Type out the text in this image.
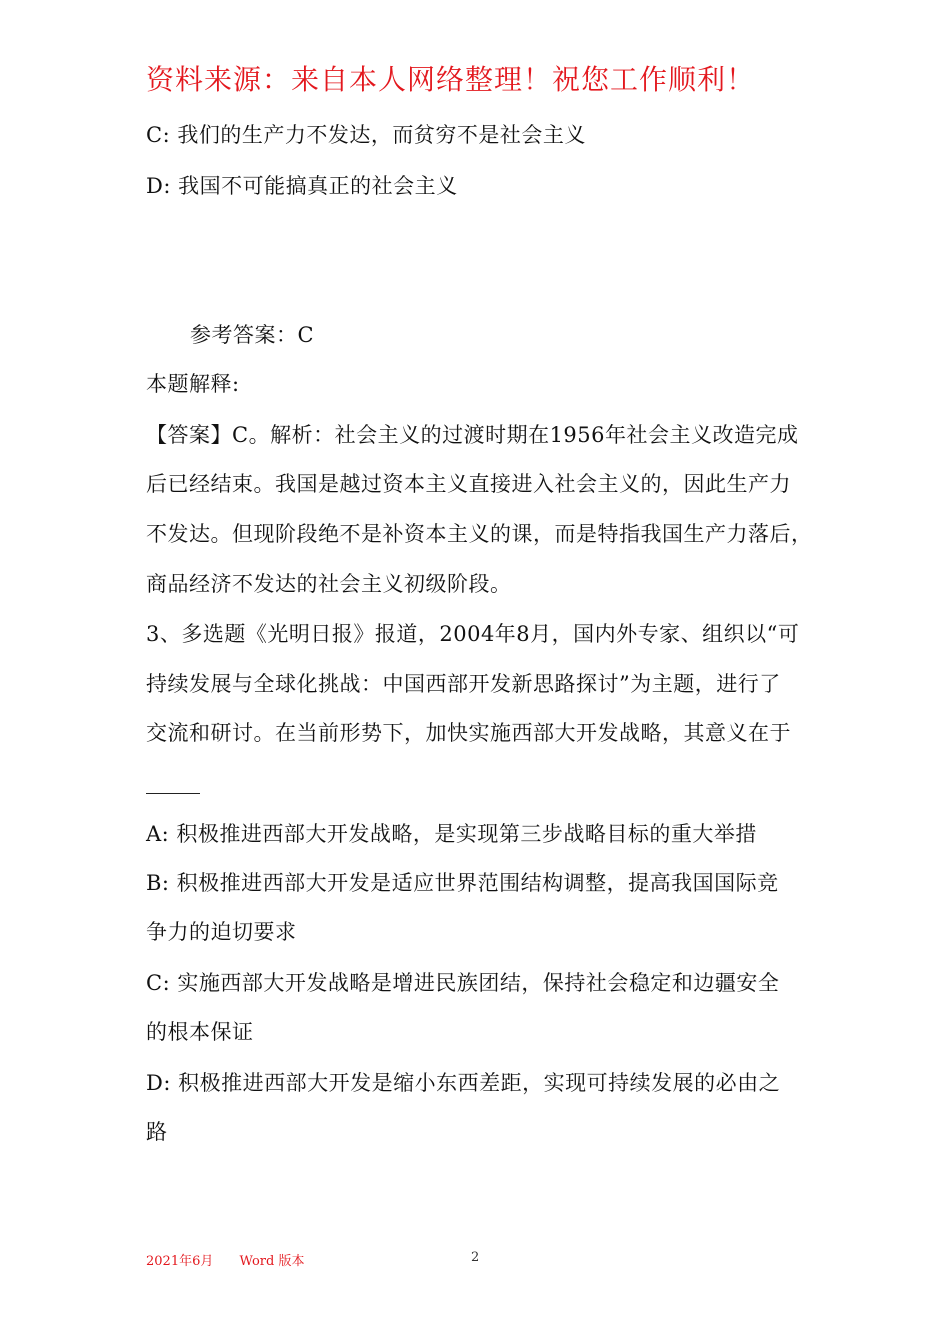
资料来源：来自本人网络整理！祝您工作顺利！
C: 我们的生产力不发达，而贫穷不是社会主义
D: 我国不可能搞真正的社会主义
参考答案：C
本题解释:
【答案】C。解析：社会主义的过渡时期在1956年社会主义改造完成
后已经结束。我国是越过资本主义直接进入社会主义的，因此生产力
不发达。但现阶段绝不是补资本主义的课，而是特指我国生产力落后，
商品经济不发达的社会主义初级阶段。
3、多选题《光明日报》报道，2004年8月，国内外专家、组织以“可
持续发展与全球化挑战：中国西部开发新思路探讨”为主题，进行了
交流和研讨。在当前形势下，加快实施西部大开发战略，其意义在于
A: 积极推进西部大开发战略，是实现第三步战略目标的重大举措
B: 积极推进西部大开发是适应世界范围结构调整，提高我国国际竞
争力的迫切要求
C: 实施西部大开发战略是增进民族团结，保持社会稳定和边疆安全
的根本保证
D: 积极推进西部大开发是缩小东西差距，实现可持续发展的必由之
路
2021年6月 Word 版本	2
